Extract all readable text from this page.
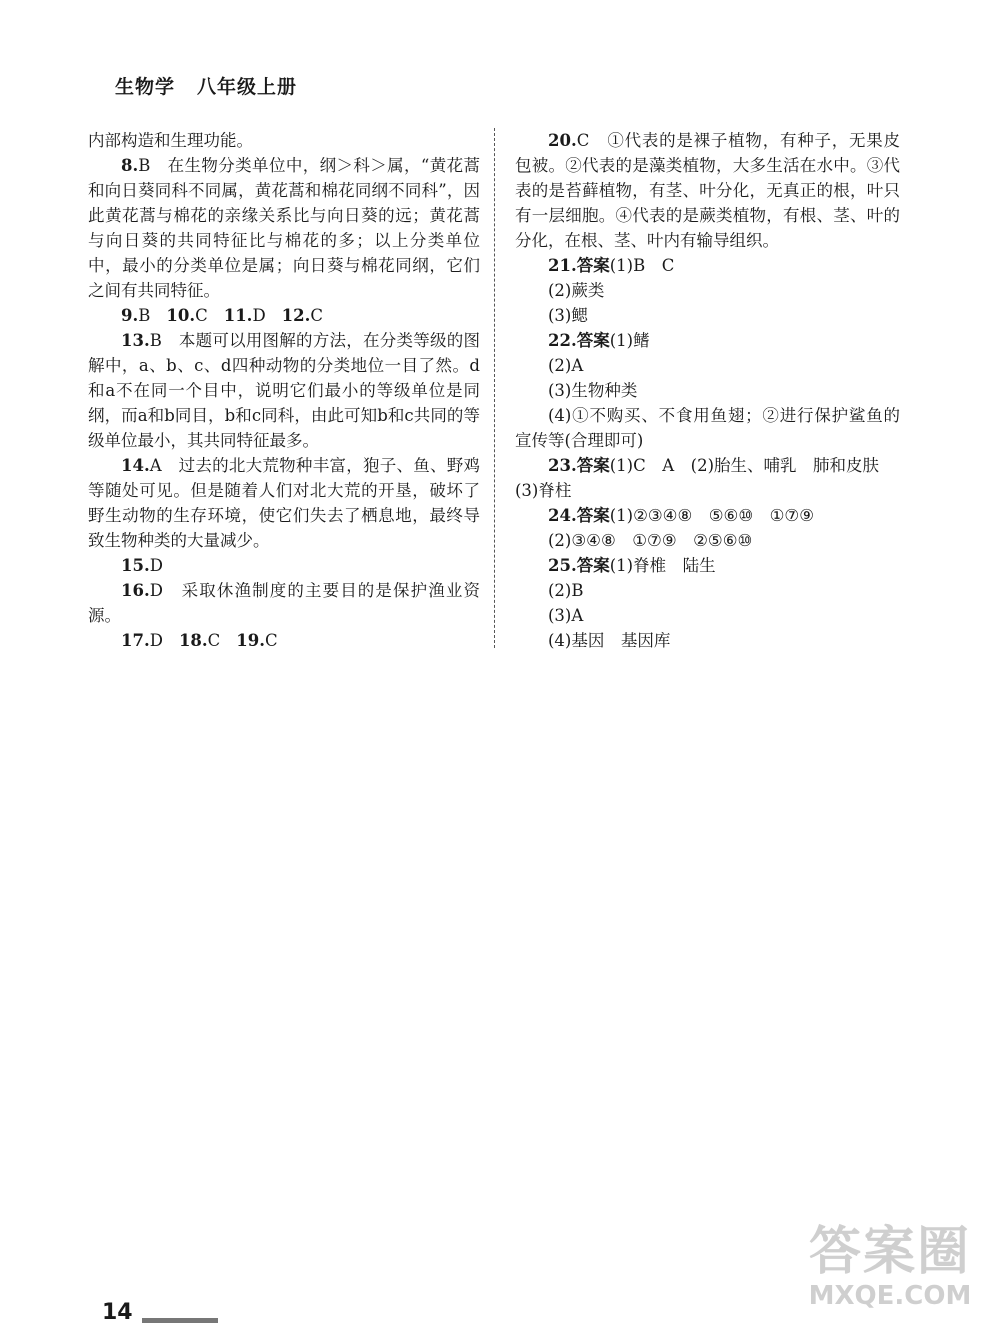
生物学 八年级上册

内部构造和生理功能。

8.B　在生物分类单位中，纲＞科＞属，“黄花蒿和向日葵同科不同属，黄花蒿和棉花同纲不同科”，因此黄花蒿与棉花的亲缘关系比与向日葵的远；黄花蒿与向日葵的共同特征比与棉花的多；以上分类单位中，最小的分类单位是属；向日葵与棉花同纲，它们之间有共同特征。

9.B 10.C 11.D 12.C

13.B　本题可以用图解的方法，在分类等级的图解中，a、b、c、d四种动物的分类地位一目了然。d和a不在同一个目中，说明它们最小的等级单位是同纲，而a和b同目，b和c同科，由此可知b和c共同的等级单位最小，其共同特征最多。

14.A　过去的北大荒物种丰富，狍子、鱼、野鸡等随处可见。但是随着人们对北大荒的开垦，破坏了野生动物的生存环境，使它们失去了栖息地，最终导致生物种类的大量减少。

15.D

16.D　采取休渔制度的主要目的是保护渔业资源。

17.D 18.C 19.C

20.C　①代表的是裸子植物，有种子，无果皮包被。②代表的是藻类植物，大多生活在水中。③代表的是苔藓植物，有茎、叶分化，无真正的根，叶只有一层细胞。④代表的是蕨类植物，有根、茎、叶的分化，在根、茎、叶内有输导组织。

21.答案(1)B　C

(2)蕨类

(3)鳃

22.答案(1)鳍

(2)A

(3)生物种类

(4)①不购买、不食用鱼翅；②进行保护鲨鱼的宣传等(合理即可)

23.答案(1)C　A　(2)胎生、哺乳　肺和皮肤

(3)脊柱

24.答案(1)②③④⑧　⑤⑥⑩　①⑦⑨

(2)③④⑧　①⑦⑨　②⑤⑥⑩

25.答案(1)脊椎　陆生

(2)B

(3)A

(4)基因　基因库

答案圈
MXQE.COM
14
